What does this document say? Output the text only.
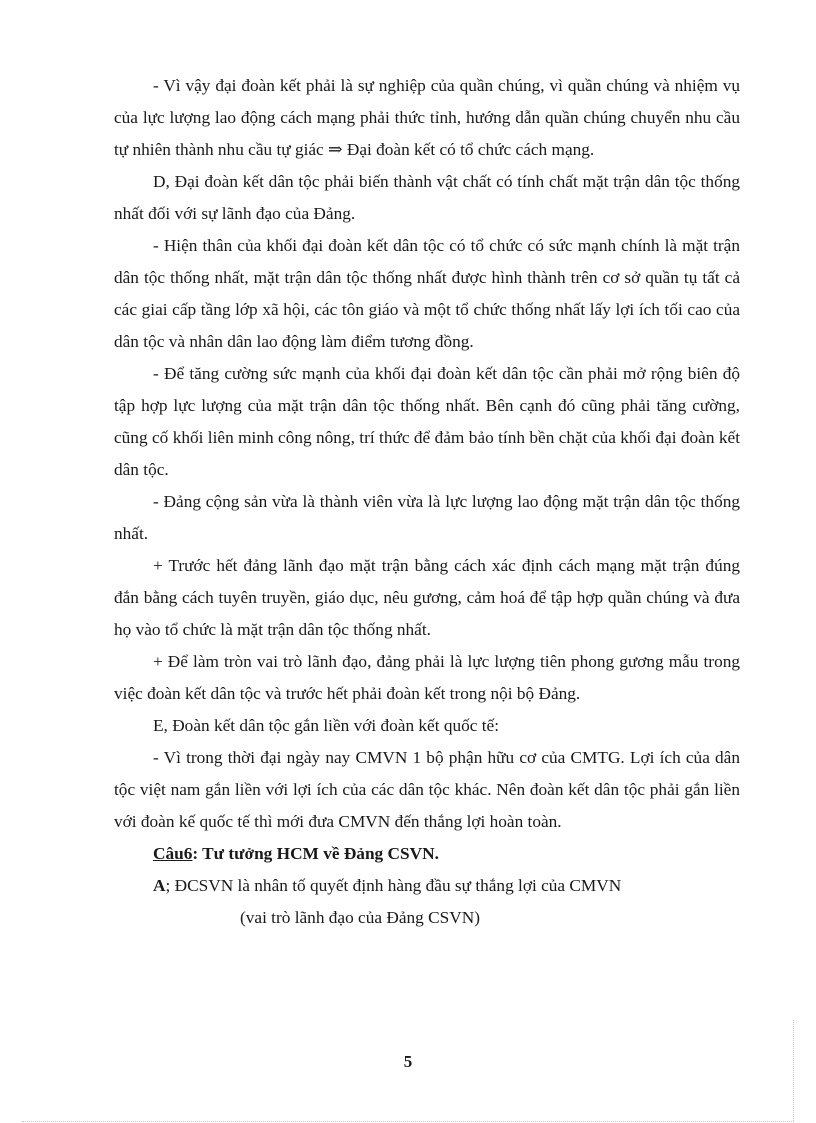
- Vì vậy đại đoàn kết phải là sự nghiệp của quần chúng, vì quần chúng và nhiệm vụ của lực lượng lao động cách mạng phải thức tỉnh, hướng dẫn quần chúng chuyển nhu cầu tự nhiên thành nhu cầu tự giác ⇒ Đại đoàn kết có tổ chức cách mạng.

D, Đại đoàn kết dân tộc phải biến thành vật chất có tính chất mặt trận dân tộc thống nhất đối với sự lãnh đạo của Đảng.

- Hiện thân của khối đại đoàn kết dân tộc có tổ chức có sức mạnh chính là mặt trận dân tộc thống nhất, mặt trận dân tộc thống nhất được hình thành trên cơ sở quần tụ tất cả các giai cấp tầng lớp xã hội, các tôn giáo và một tổ chức thống nhất lấy lợi ích tối cao của dân tộc và nhân dân lao động làm điểm tương đồng.

- Để tăng cường sức mạnh của khối đại đoàn kết dân tộc cần phải mở rộng biên độ tập hợp lực lượng của mặt trận dân tộc thống nhất. Bên cạnh đó cũng phải tăng cường, cũng cố khối liên minh công nông, trí thức để đảm bảo tính bền chặt của khối đại đoàn kết dân tộc.

- Đảng cộng sản vừa là thành viên vừa là lực lượng lao động mặt trận dân tộc thống nhất.

+ Trước hết đảng lãnh đạo mặt trận bằng cách xác định cách mạng mặt trận đúng đắn bằng cách tuyên truyền, giáo dục, nêu gương, cảm hoá để tập hợp quần chúng và đưa họ vào tổ chức là mặt trận dân tộc thống nhất.

+ Để làm tròn vai trò lãnh đạo, đảng phải là lực lượng tiên phong gương mẫu trong việc đoàn kết dân tộc và trước hết phải đoàn kết trong nội bộ Đảng.

E, Đoàn kết dân tộc gắn liền với đoàn kết quốc tế:

- Vì trong thời đại ngày nay CMVN 1 bộ phận hữu cơ của CMTG. Lợi ích của dân tộc việt nam gắn liền với lợi ích của các dân tộc khác. Nên đoàn kết dân tộc phải gắn liền với đoàn kế quốc tế thì mới đưa CMVN đến thắng lợi hoàn toàn.

Câu6: Tư tưởng HCM về Đảng CSVN.

A; ĐCSVN là nhân tố quyết định hàng đầu sự thắng lợi của CMVN

(vai trò lãnh đạo của Đảng CSVN)

5
